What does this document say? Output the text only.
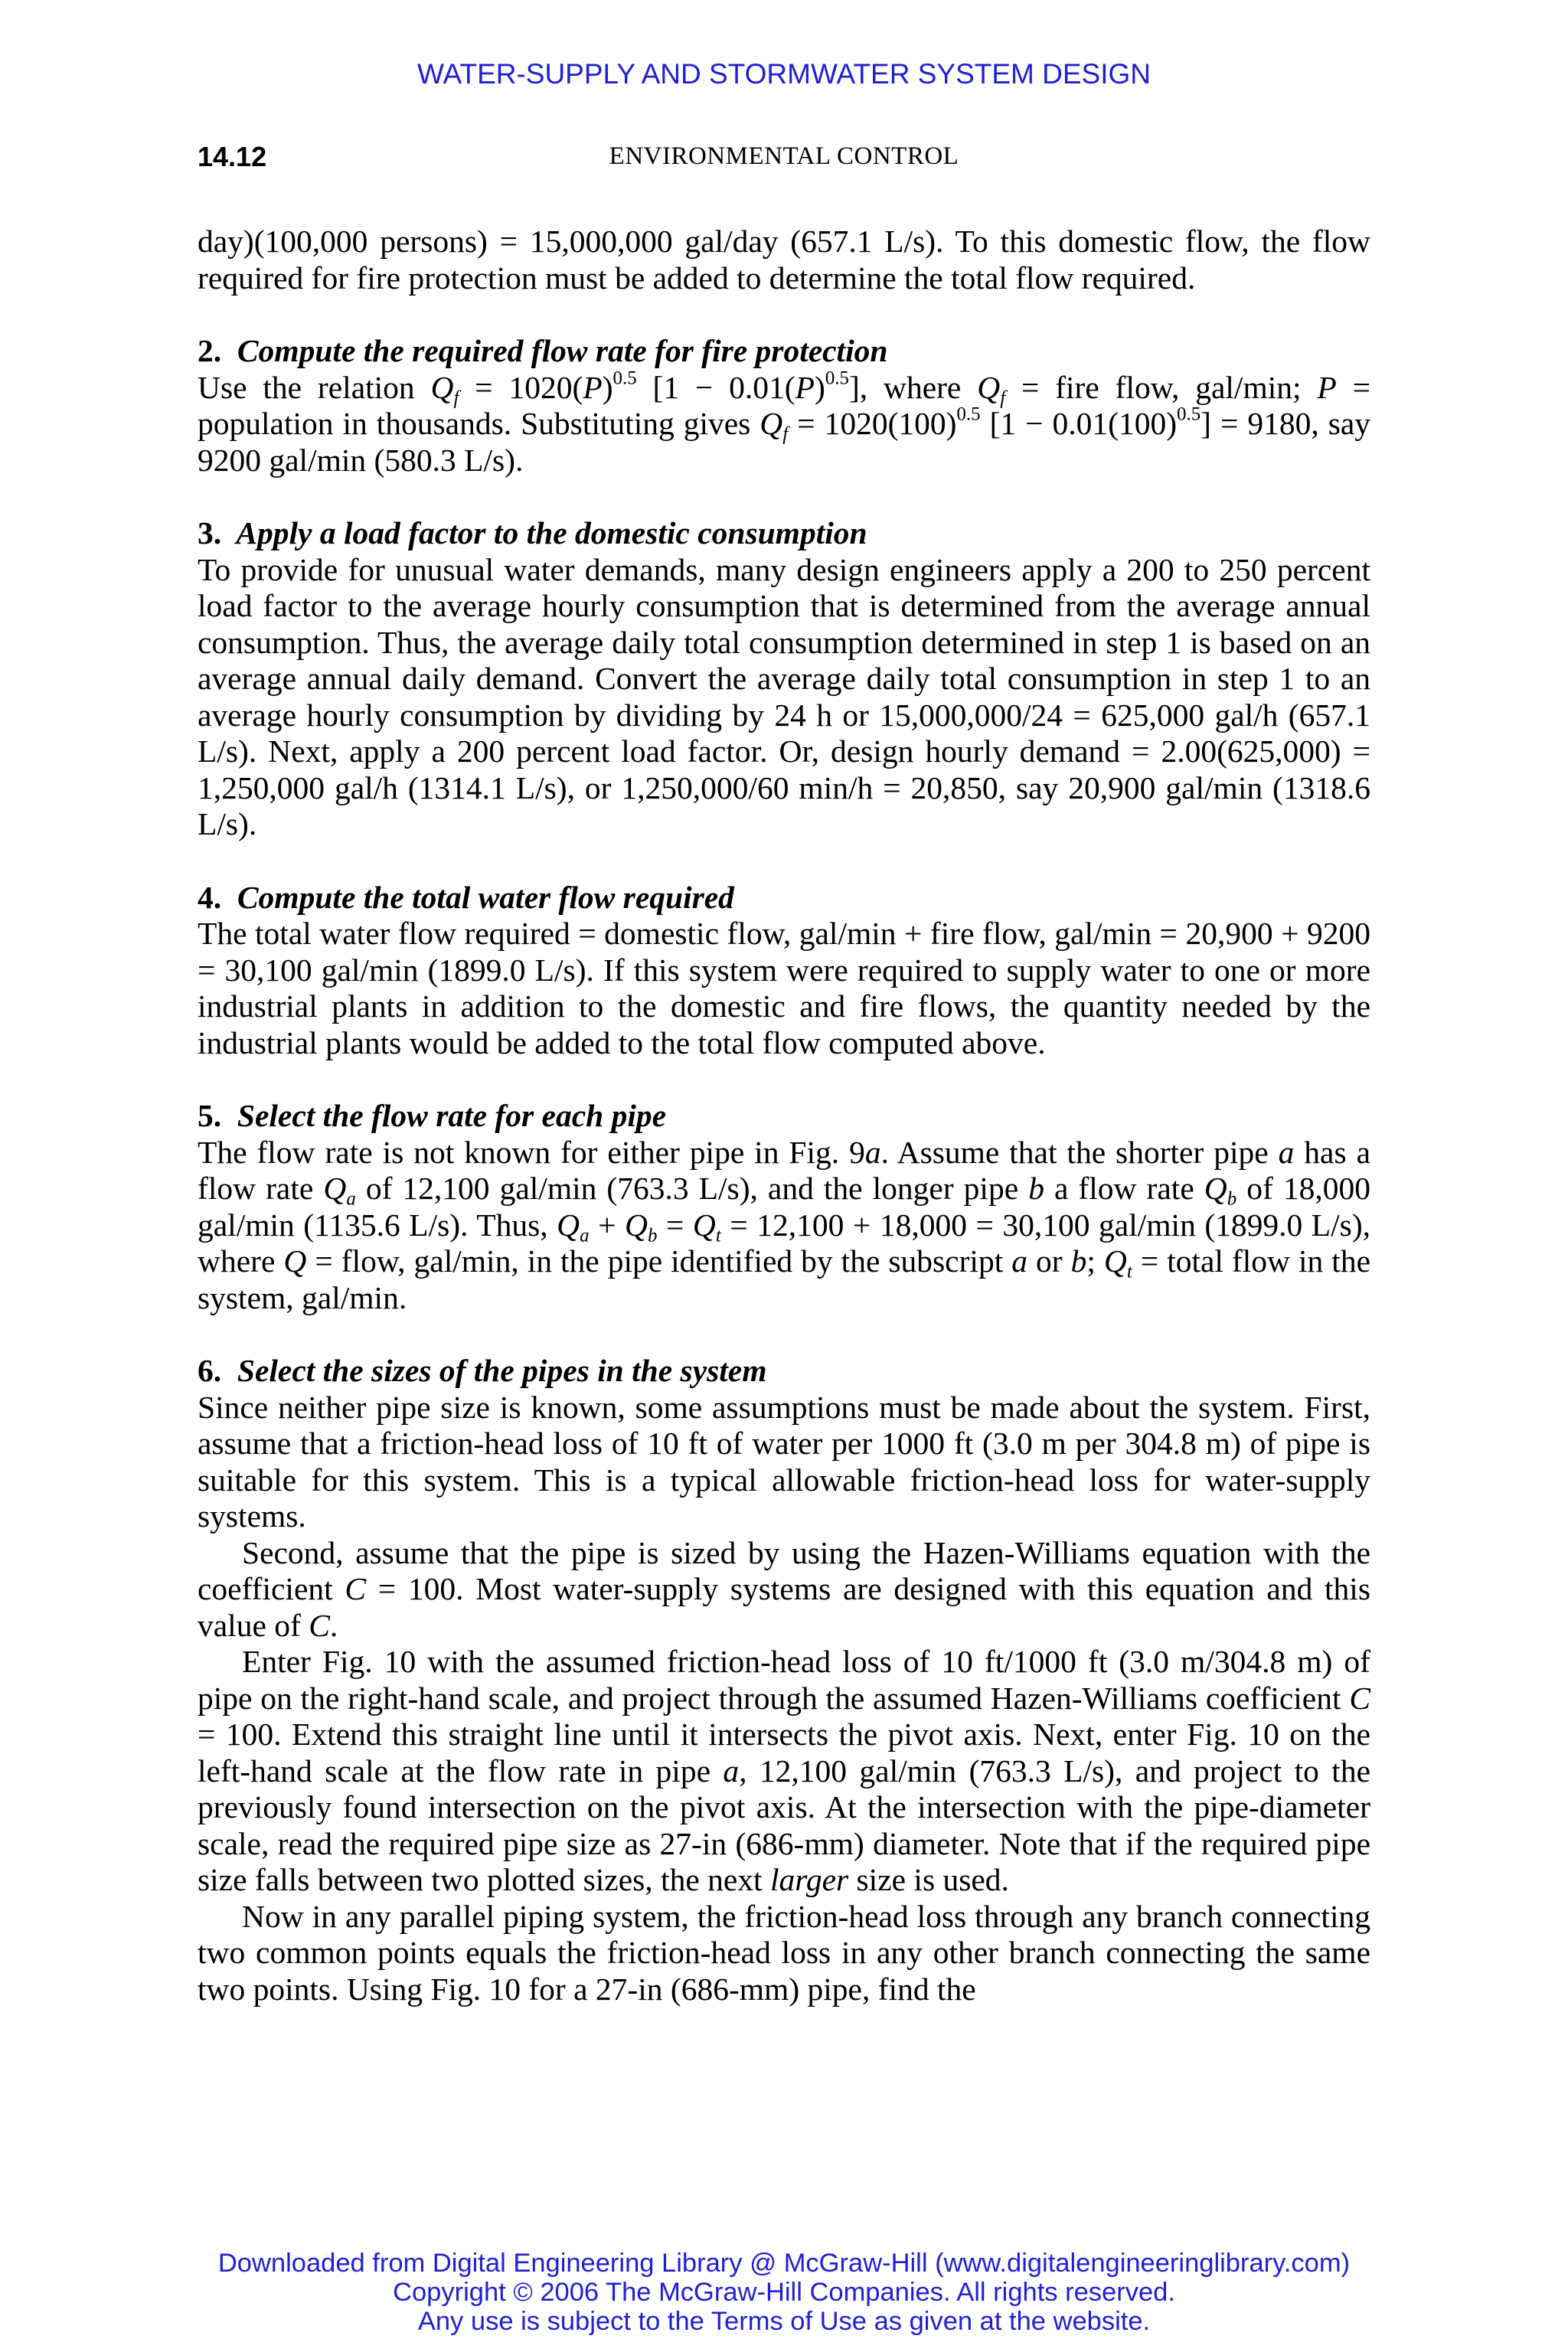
WATER-SUPPLY AND STORMWATER SYSTEM DESIGN
14.12	ENVIRONMENTAL CONTROL

day)(100,000 persons) = 15,000,000 gal/day (657.1 L/s). To this domestic flow, the flow required for fire protection must be added to determine the total flow required.

2. Compute the required flow rate for fire protection

Use the relation $Q_f = 1020(P)^{0.5}$ $[1 - 0.01(P)^{0.5}]$, where $Q_f$ = fire flow, gal/min; P = population in thousands. Substituting gives $Q_f = 1020(100)^{0.5}$ $[1 - 0.01(100)^{0.5}] = 9180$, say 9200 gal/min (580.3 L/s).

3. Apply a load factor to the domestic consumption

To provide for unusual water demands, many design engineers apply a 200 to 250 percent load factor to the average hourly consumption that is determined from the average annual consumption. Thus, the average daily total consumption determined in step 1 is based on an average annual daily demand. Convert the average daily total consumption in step 1 to an average hourly consumption by dividing by 24 h or 15,000,000/24 = 625,000 gal/h (657.1 L/s). Next, apply a 200 percent load factor. Or, design hourly demand = 2.00(625,000) = 1,250,000 gal/h (1314.1 L/s), or 1,250,000/60 min/h = 20,850, say 20,900 gal/min (1318.6 L/s).

4. Compute the total water flow required

The total water flow required = domestic flow, gal/min + fire flow, gal/min = 20,900 + 9200 = 30,100 gal/min (1899.0 L/s). If this system were required to supply water to one or more industrial plants in addition to the domestic and fire flows, the quantity needed by the industrial plants would be added to the total flow computed above.

5. Select the flow rate for each pipe

The flow rate is not known for either pipe in Fig. 9a. Assume that the shorter pipe a has a flow rate $Q_a$ of 12,100 gal/min (763.3 L/s), and the longer pipe b a flow rate $Q_b$ of 18,000 gal/min (1135.6 L/s). Thus, $Q_a + Q_b = Q_t = 12,100 + 18,000 = 30,100$ gal/min (1899.0 L/s), where Q = flow, gal/min, in the pipe identified by the subscript a or b; $Q_t$ = total flow in the system, gal/min.

6. Select the sizes of the pipes in the system

Since neither pipe size is known, some assumptions must be made about the system. First, assume that a friction-head loss of 10 ft of water per 1000 ft (3.0 m per 304.8 m) of pipe is suitable for this system. This is a typical allowable friction-head loss for water-supply systems.

Second, assume that the pipe is sized by using the Hazen-Williams equation with the coefficient C = 100. Most water-supply systems are designed with this equation and this value of C.

Enter Fig. 10 with the assumed friction-head loss of 10 ft/1000 ft (3.0 m/304.8 m) of pipe on the right-hand scale, and project through the assumed Hazen-Williams coefficient C = 100. Extend this straight line until it intersects the pivot axis. Next, enter Fig. 10 on the left-hand scale at the flow rate in pipe a, 12,100 gal/min (763.3 L/s), and project to the previously found intersection on the pivot axis. At the intersection with the pipe-diameter scale, read the required pipe size as 27-in (686-mm) diameter. Note that if the required pipe size falls between two plotted sizes, the next larger size is used.

Now in any parallel piping system, the friction-head loss through any branch connecting two common points equals the friction-head loss in any other branch connecting the same two points. Using Fig. 10 for a 27-in (686-mm) pipe, find the

Downloaded from Digital Engineering Library @ McGraw-Hill (www.digitalengineeringlibrary.com)
Copyright © 2006 The McGraw-Hill Companies. All rights reserved.
Any use is subject to the Terms of Use as given at the website.
